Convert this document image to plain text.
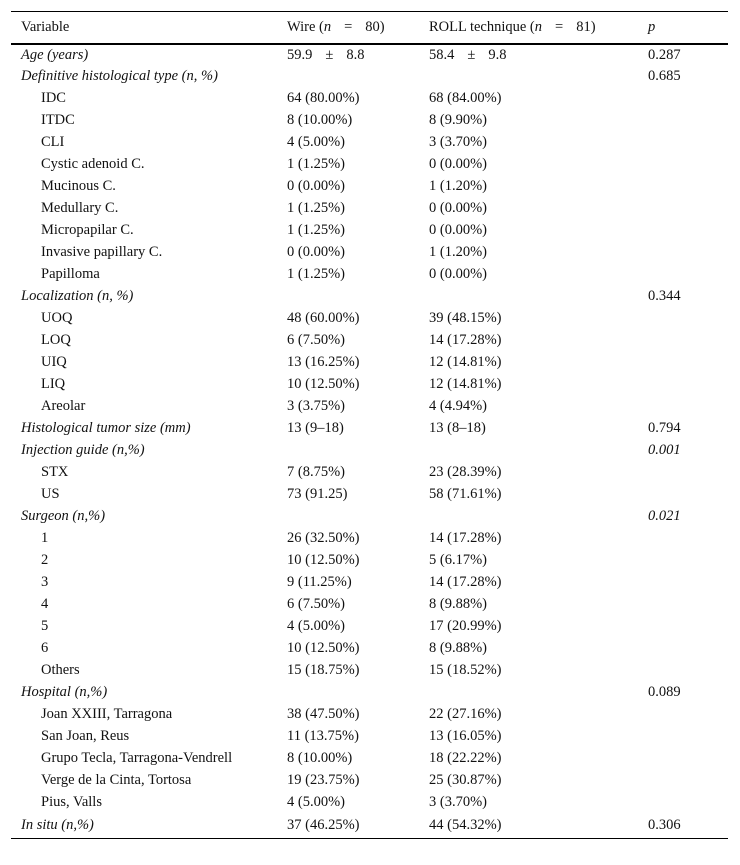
Variable	Wire (n = 80)	ROLL technique (n = 81)	p
Age (years)	59.9 ± 8.8	58.4 ± 9.8	0.287
Definitive histological type (n, %)			0.685
IDC	64 (80.00%)	68 (84.00%)	
ITDC	8 (10.00%)	8 (9.90%)	
CLI	4 (5.00%)	3 (3.70%)	
Cystic adenoid C.	1 (1.25%)	0 (0.00%)	
Mucinous C.	0 (0.00%)	1 (1.20%)	
Medullary C.	1 (1.25%)	0 (0.00%)	
Micropapilar C.	1 (1.25%)	0 (0.00%)	
Invasive papillary C.	0 (0.00%)	1 (1.20%)	
Papilloma	1 (1.25%)	0 (0.00%)	
Localization (n, %)			0.344
UOQ	48 (60.00%)	39 (48.15%)	
LOQ	6 (7.50%)	14 (17.28%)	
UIQ	13 (16.25%)	12 (14.81%)	
LIQ	10 (12.50%)	12 (14.81%)	
Areolar	3 (3.75%)	4 (4.94%)	
Histological tumor size (mm)	13 (9–18)	13 (8–18)	0.794
Injection guide (n,%)			0.001
STX	7 (8.75%)	23 (28.39%)	
US	73 (91.25)	58 (71.61%)	
Surgeon (n,%)			0.021
1	26 (32.50%)	14 (17.28%)	
2	10 (12.50%)	5 (6.17%)	
3	9 (11.25%)	14 (17.28%)	
4	6 (7.50%)	8 (9.88%)	
5	4 (5.00%)	17 (20.99%)	
6	10 (12.50%)	8 (9.88%)	
Others	15 (18.75%)	15 (18.52%)	
Hospital (n,%)			0.089
Joan XXIII, Tarragona	38 (47.50%)	22 (27.16%)	
San Joan, Reus	11 (13.75%)	13 (16.05%)	
Grupo Tecla, Tarragona-Vendrell	8 (10.00%)	18 (22.22%)	
Verge de la Cinta, Tortosa	19 (23.75%)	25 (30.87%)	
Pius, Valls	4 (5.00%)	3 (3.70%)	
In situ (n,%)	37 (46.25%)	44 (54.32%)	0.306
